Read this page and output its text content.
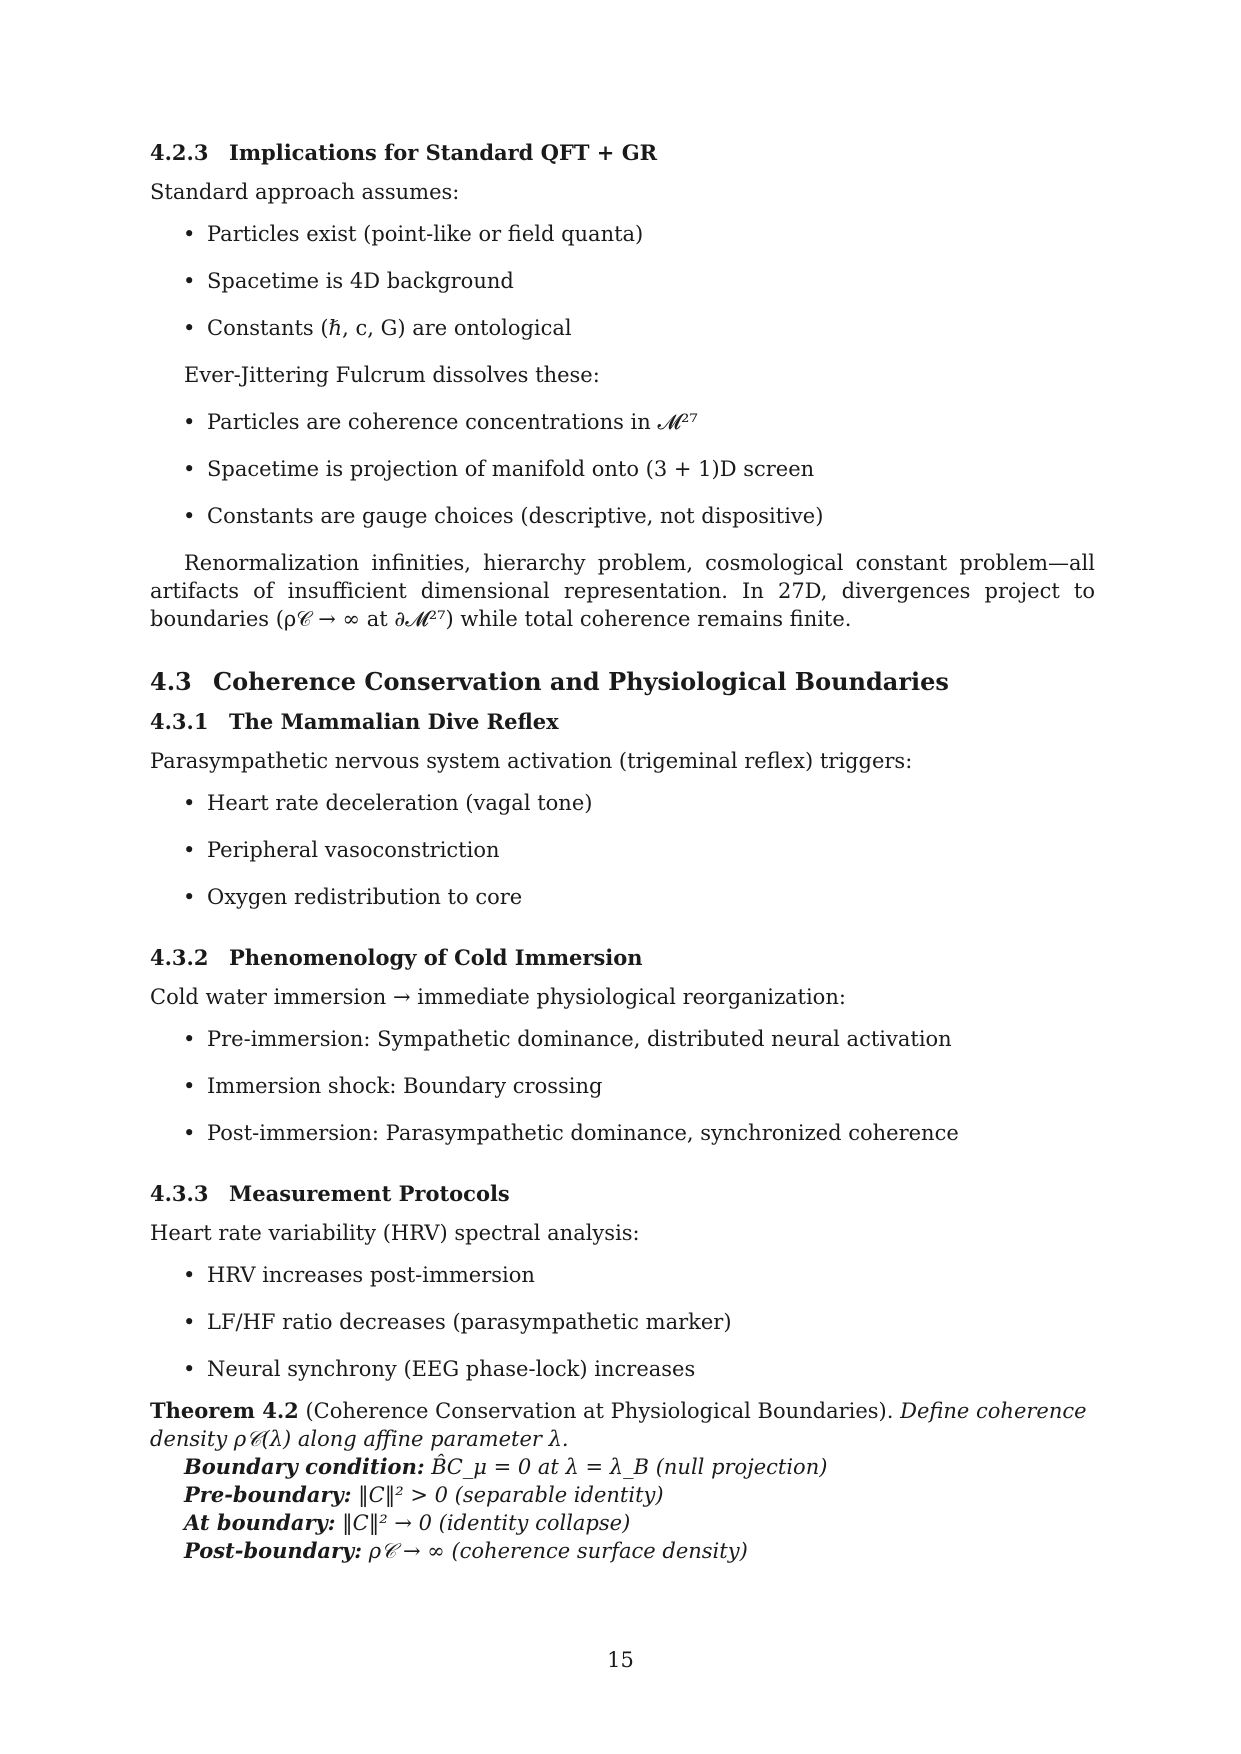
4.2.3 Implications for Standard QFT + GR

Standard approach assumes:

• Particles exist (point-like or field quanta)
• Spacetime is 4D background
• Constants (ℏ, c, G) are ontological

Ever-Jittering Fulcrum dissolves these:

• Particles are coherence concentrations in 𝓜²⁷
• Spacetime is projection of manifold onto (3 + 1)D screen
• Constants are gauge choices (descriptive, not dispositive)

Renormalization infinities, hierarchy problem, cosmological constant problem—all artifacts of insufficient dimensional representation. In 27D, divergences project to boundaries (ρ𝒞 → ∞ at ∂𝓜²⁷) while total coherence remains finite.

4.3 Coherence Conservation and Physiological Boundaries
4.3.1 The Mammalian Dive Reflex

Parasympathetic nervous system activation (trigeminal reflex) triggers:

• Heart rate deceleration (vagal tone)
• Peripheral vasoconstriction
• Oxygen redistribution to core
4.3.2 Phenomenology of Cold Immersion

Cold water immersion → immediate physiological reorganization:

• Pre-immersion: Sympathetic dominance, distributed neural activation
• Immersion shock: Boundary crossing
• Post-immersion: Parasympathetic dominance, synchronized coherence
4.3.3 Measurement Protocols

Heart rate variability (HRV) spectral analysis:

• HRV increases post-immersion
• LF/HF ratio decreases (parasympathetic marker)
• Neural synchrony (EEG phase-lock) increases

Theorem 4.2 (Coherence Conservation at Physiological Boundaries). Define coherence density ρ𝒞(λ) along affine parameter λ.

Boundary condition: B̂C_μ = 0 at λ = λ_B (null projection)

Pre-boundary: ‖C‖² > 0 (separable identity)

At boundary: ‖C‖² → 0 (identity collapse)

Post-boundary: ρ𝒞 → ∞ (coherence surface density)

15
